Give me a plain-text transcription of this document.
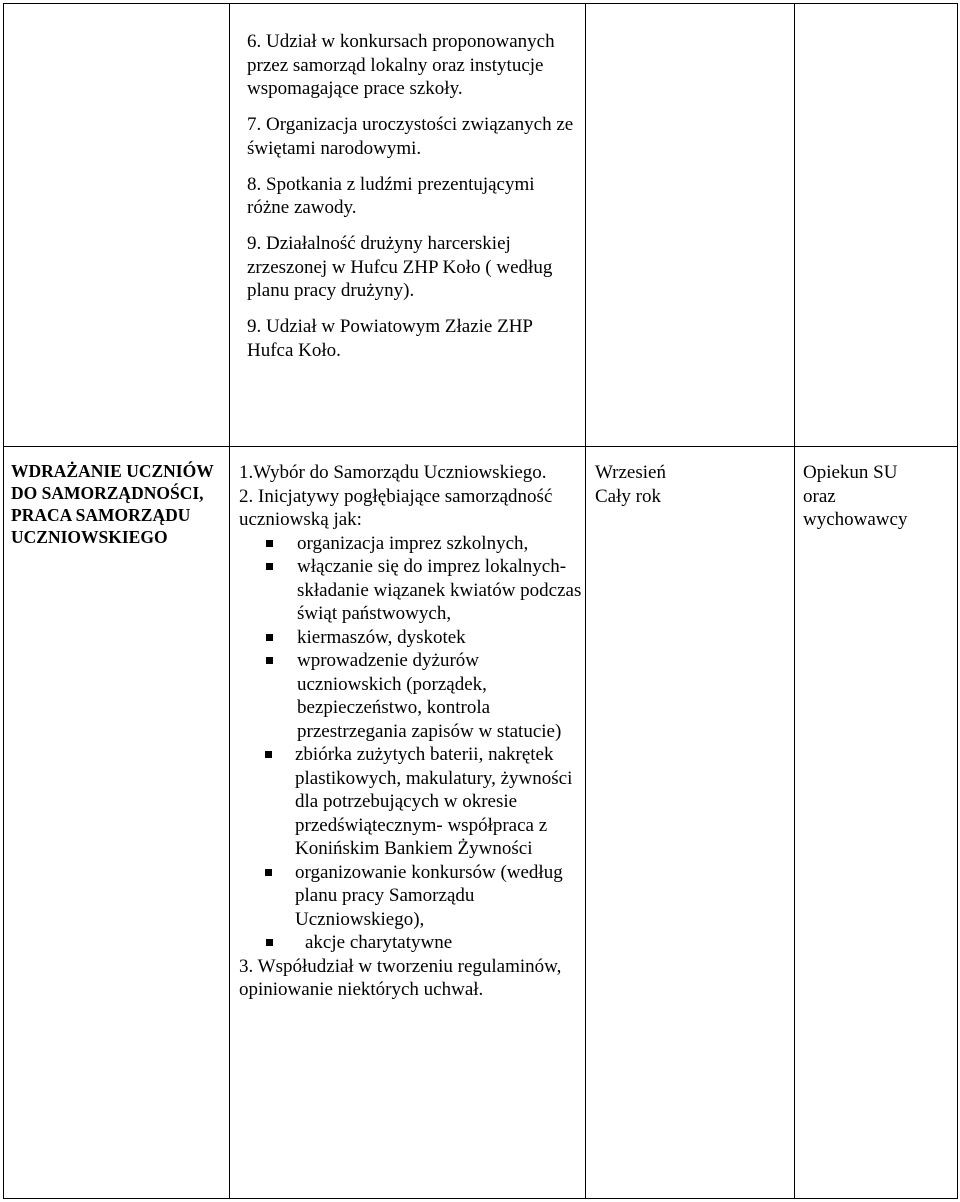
6. Udział w konkursach proponowanych przez samorząd lokalny oraz instytucje wspomagające prace szkoły.

7. Organizacja uroczystości związanych ze świętami narodowymi.

8. Spotkania z ludźmi prezentującymi różne zawody.

9. Działalność drużyny harcerskiej zrzeszonej w Hufcu ZHP Koło ( według planu pracy drużyny).

9. Udział w Powiatowym Złazie ZHP Hufca Koło.

WDRAŻANIE UCZNIÓW DO SAMORZĄDNOŚCI, PRACA SAMORZĄDU UCZNIOWSKIEGO
1.Wybór do Samorządu Uczniowskiego.
2. Inicjatywy pogłębiające samorządność uczniowską jak:
organizacja imprez szkolnych,
włączanie się do imprez lokalnych- składanie wiązanek kwiatów podczas świąt państwowych,
kiermaszów, dyskotek
wprowadzenie dyżurów uczniowskich (porządek, bezpieczeństwo, kontrola przestrzegania zapisów w statucie)
zbiórka zużytych baterii, nakrętek plastikowych, makulatury, żywności dla potrzebujących w okresie przedświątecznym- współpraca z Konińskim Bankiem Żywności
organizowanie konkursów (według planu pracy Samorządu Uczniowskiego),
akcje charytatywne
3. Współudział w tworzeniu regulaminów, opiniowanie niektórych uchwał.
Wrzesień
Cały rok
Opiekun SU oraz wychowawcy
